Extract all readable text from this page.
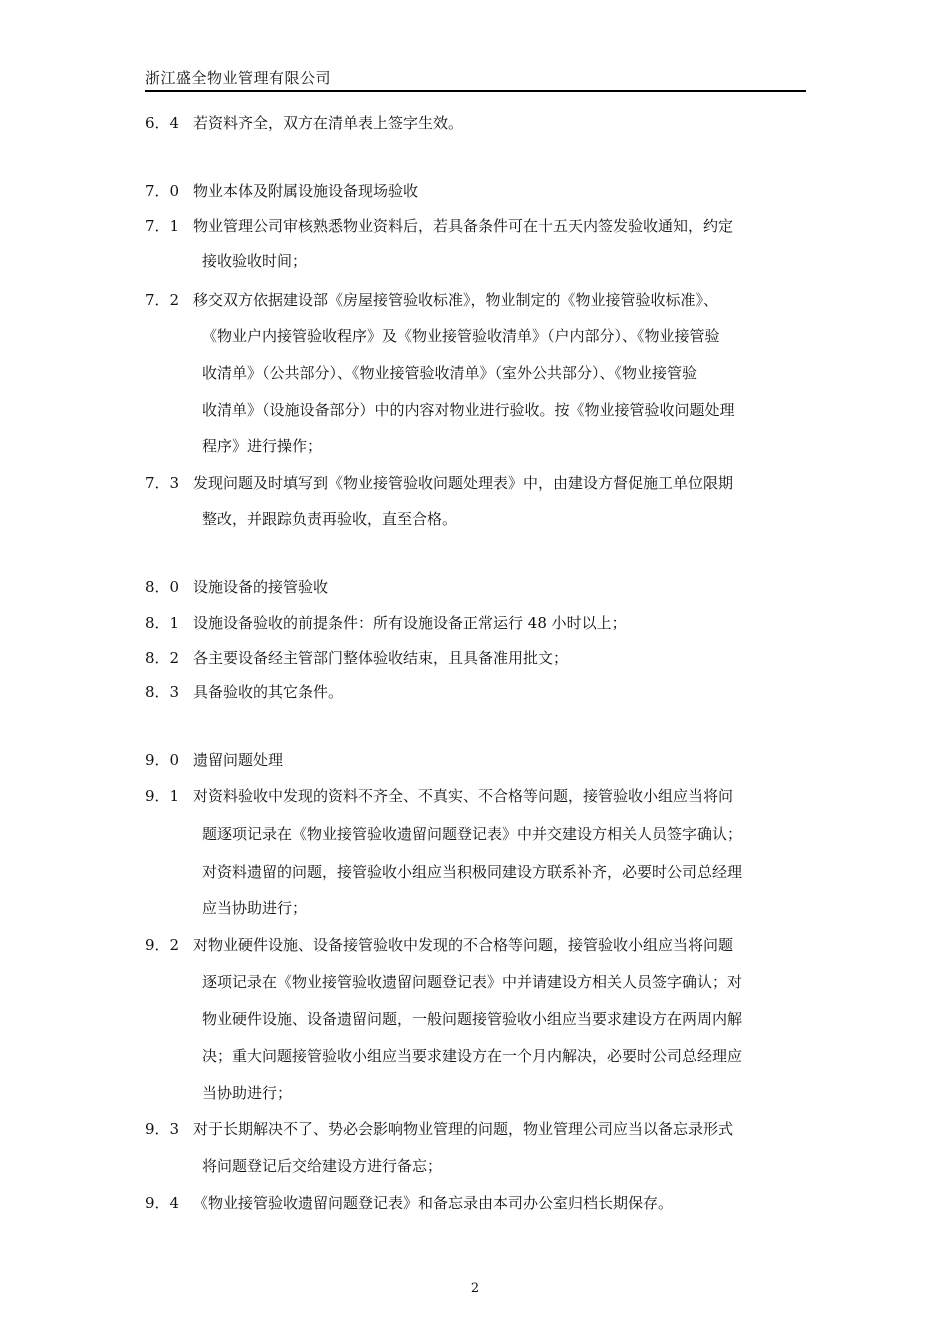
浙江盛全物业管理有限公司
6．4 若资料齐全，双方在清单表上签字生效。
7．0 物业本体及附属设施设备现场验收
7．1 物业管理公司审核熟悉物业资料后，若具备条件可在十五天内签发验收通知，约定
接收验收时间；
7．2 移交双方依据建设部《房屋接管验收标准》，物业制定的《物业接管验收标准》、
《物业户内接管验收程序》及《物业接管验收清单》（户内部分）、《物业接管验
收清单》（公共部分）、《物业接管验收清单》（室外公共部分）、《物业接管验
收清单》（设施设备部分）中的内容对物业进行验收。按《物业接管验收问题处理
程序》进行操作；
7．3 发现问题及时填写到《物业接管验收问题处理表》中，由建设方督促施工单位限期
整改，并跟踪负责再验收，直至合格。
8．0 设施设备的接管验收
8．1 设施设备验收的前提条件：所有设施设备正常运行 48 小时以上；
8．2 各主要设备经主管部门整体验收结束，且具备准用批文；
8．3 具备验收的其它条件。
9．0 遗留问题处理
9．1 对资料验收中发现的资料不齐全、不真实、不合格等问题，接管验收小组应当将问
题逐项记录在《物业接管验收遗留问题登记表》中并交建设方相关人员签字确认；
对资料遗留的问题，接管验收小组应当积极同建设方联系补齐，必要时公司总经理
应当协助进行；
9．2 对物业硬件设施、设备接管验收中发现的不合格等问题，接管验收小组应当将问题
逐项记录在《物业接管验收遗留问题登记表》中并请建设方相关人员签字确认；对
物业硬件设施、设备遗留问题，一般问题接管验收小组应当要求建设方在两周内解
决；重大问题接管验收小组应当要求建设方在一个月内解决，必要时公司总经理应
当协助进行；
9．3 对于长期解决不了、势必会影响物业管理的问题，物业管理公司应当以备忘录形式
将问题登记后交给建设方进行备忘；
9．4 《物业接管验收遗留问题登记表》和备忘录由本司办公室归档长期保存。
2
